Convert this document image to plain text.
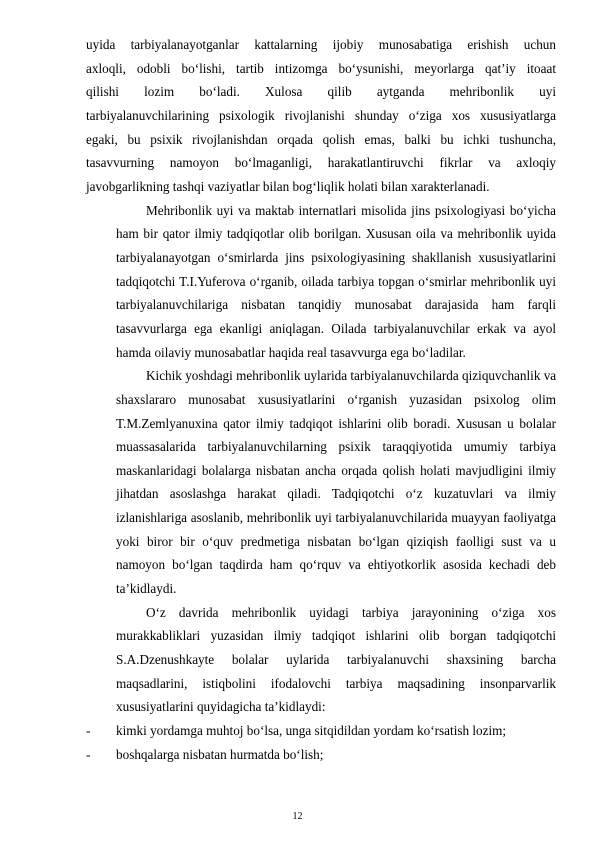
uyida tarbiyalanayotganlar kattalarning ijobiy munosabatiga erishish uchun
axloqli, odobli bo‘lishi, tartib intizomga bo‘ysunishi, meyorlarga qat’iy itoaat
qilishi lozim bo‘ladi. Xulosa qilib aytganda mehribonlik uyi
tarbiyalanuvchilarining psixologik rivojlanishi shunday o‘ziga xos xususiyatlarga
egaki, bu psixik rivojlanishdan orqada qolish emas, balki bu ichki tushuncha,
tasavvurning namoyon bo‘lmaganligi, harakatlantiruvchi fikrlar va axloqiy
javobgarlikning tashqi vaziyatlar bilan bog‘liqlik holati bilan xarakterlanadi.
Mehribonlik uyi va maktab internatlari misolida jins psixologiyasi bo‘yicha
ham bir qator ilmiy tadqiqotlar olib borilgan. Xususan oila va mehribonlik uyida
tarbiyalanayotgan o‘smirlarda jins psixologiyasining shakllanish xususiyatlarini
tadqiqotchi T.I.Yuferova o‘rganib, oilada tarbiya topgan o‘smirlar mehribonlik uyi
tarbiyalanuvchilariga nisbatan tanqidiy munosabat darajasida ham farqli
tasavvurlarga ega ekanligi aniqlagan. Oilada tarbiyalanuvchilar erkak va ayol
hamda oilaviy munosabatlar haqida real tasavvurga ega bo‘ladilar.
Kichik yoshdagi mehribonlik uylarida tarbiyalanuvchilarda qiziquvchanlik va
shaxslararo munosabat xususiyatlarini o‘rganish yuzasidan psixolog olim
T.M.Zemlyanuxina qator ilmiy tadqiqot ishlarini olib boradi. Xususan u bolalar
muassasalarida tarbiyalanuvchilarning psixik taraqqiyotida umumiy tarbiya
maskanlaridagi bolalarga nisbatan ancha orqada qolish holati mavjudligini ilmiy
jihatdan asoslashga harakat qiladi. Tadqiqotchi o‘z kuzatuvlari va ilmiy
izlanishlariga asoslanib, mehribonlik uyi tarbiyalanuvchilarida muayyan faoliyatga
yoki biror bir o‘quv predmetiga nisbatan bo‘lgan qiziqish faolligi sust va u
namoyon bo‘lgan taqdirda ham qo‘rquv va ehtiyotkorlik asosida kechadi deb
ta’kidlaydi.
O‘z davrida mehribonlik uyidagi tarbiya jarayonining o‘ziga xos
murakkabliklari yuzasidan ilmiy tadqiqot ishlarini olib borgan tadqiqotchi
S.A.Dzenushkayte bolalar uylarida tarbiyalanuvchi shaxsining barcha
maqsadlarini, istiqbolini ifodalovchi tarbiya maqsadining insonparvarlik
xususiyatlarini quyidagicha ta’kidlaydi:
-	kimki yordamga muhtoj bo‘lsa, unga sitqidildan yordam ko‘rsatish lozim;
-	boshqalarga nisbatan hurmatda bo‘lish;
12
